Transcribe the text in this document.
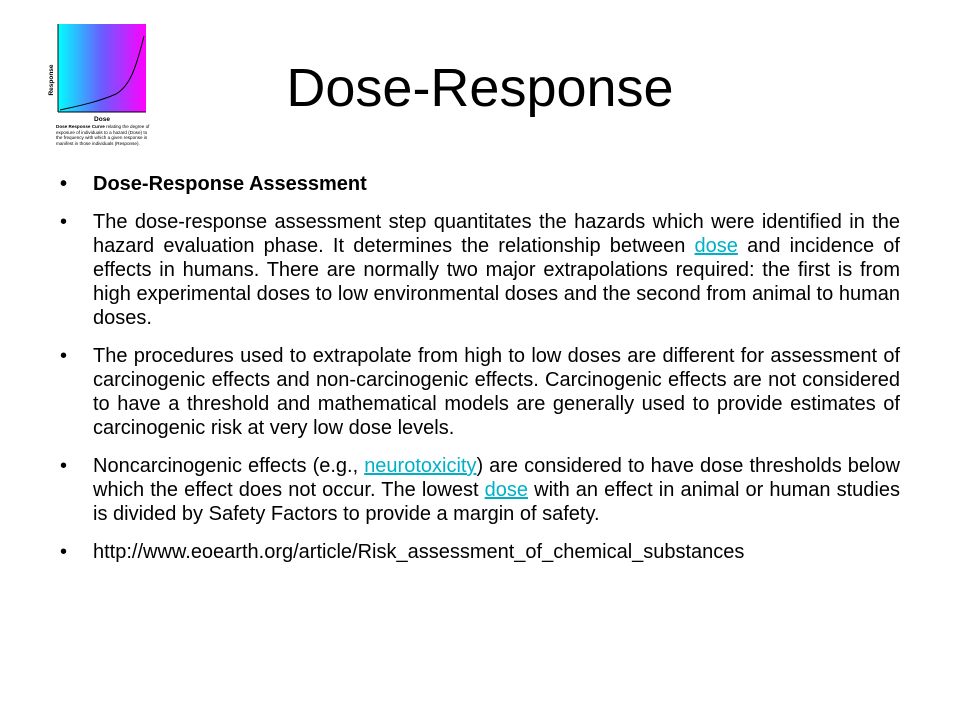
Response
Dose
Dose Response Curve relating the degree of exposure of individuals to a hazard (Dose) to the frequency with which a given response is manifest in those individuals (Response).
Dose-Response
•	Dose-Response Assessment
•	The dose-response assessment step quantitates the hazards which were identified in the hazard evaluation phase. It determines the relationship between dose and incidence of effects in humans. There are normally two major extrapolations required: the first is from high experimental doses to low environmental doses and the second from animal to human doses.
•	The procedures used to extrapolate from high to low doses are different for assessment of carcinogenic effects and non-carcinogenic effects. Carcinogenic effects are not considered to have a threshold and mathematical models are generally used to provide estimates of carcinogenic risk at very low dose levels.
•	Noncarcinogenic effects (e.g., neurotoxicity) are considered to have dose thresholds below which the effect does not occur. The lowest dose with an effect in animal or human studies is divided by Safety Factors to provide a margin of safety.
•	http://www.eoearth.org/article/Risk_assessment_of_chemical_substances
